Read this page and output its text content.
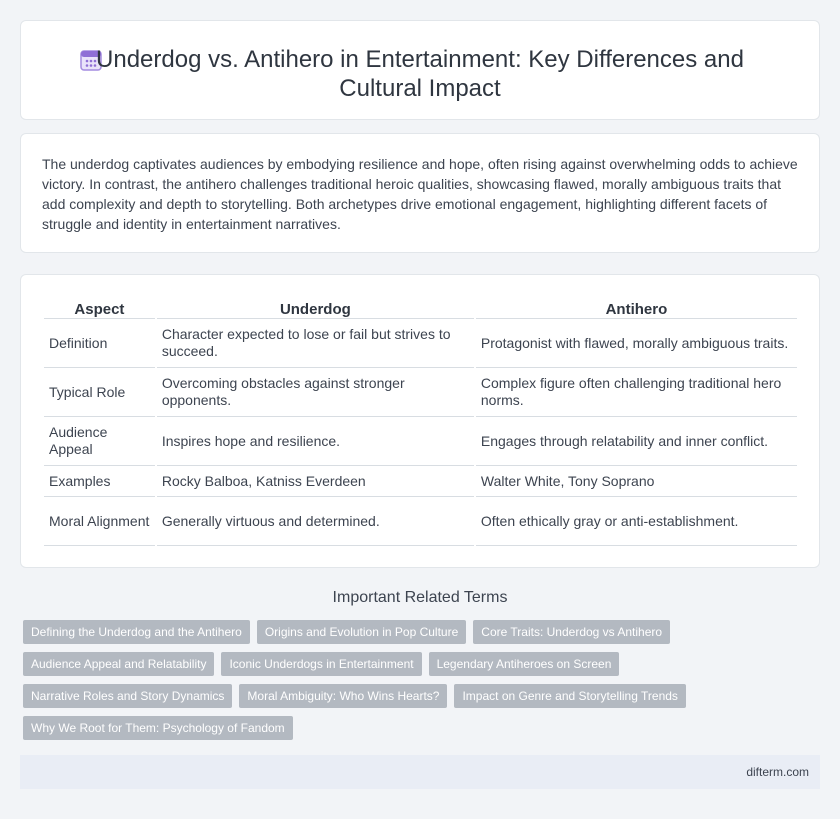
Underdog vs. Antihero in Entertainment: Key Differences and Cultural Impact

The underdog captivates audiences by embodying resilience and hope, often rising against overwhelming odds to achieve victory. In contrast, the antihero challenges traditional heroic qualities, showcasing flawed, morally ambiguous traits that add complexity and depth to storytelling. Both archetypes drive emotional engagement, highlighting different facets of struggle and identity in entertainment narratives.

Aspect	Underdog	Antihero
Definition	Character expected to lose or fail but strives to succeed.	Protagonist with flawed, morally ambiguous traits.
Typical Role	Overcoming obstacles against stronger opponents.	Complex figure often challenging traditional hero norms.
Audience Appeal	Inspires hope and resilience.	Engages through relatability and inner conflict.
Examples	Rocky Balboa, Katniss Everdeen	Walter White, Tony Soprano
Moral Alignment	Generally virtuous and determined.	Often ethically gray or anti-establishment.
Important Related Terms
Defining the Underdog and the Antihero	Origins and Evolution in Pop Culture	Core Traits: Underdog vs Antihero
Audience Appeal and Relatability	Iconic Underdogs in Entertainment	Legendary Antiheroes on Screen
Narrative Roles and Story Dynamics	Moral Ambiguity: Who Wins Hearts?	Impact on Genre and Storytelling Trends
Why We Root for Them: Psychology of Fandom
difterm.com
